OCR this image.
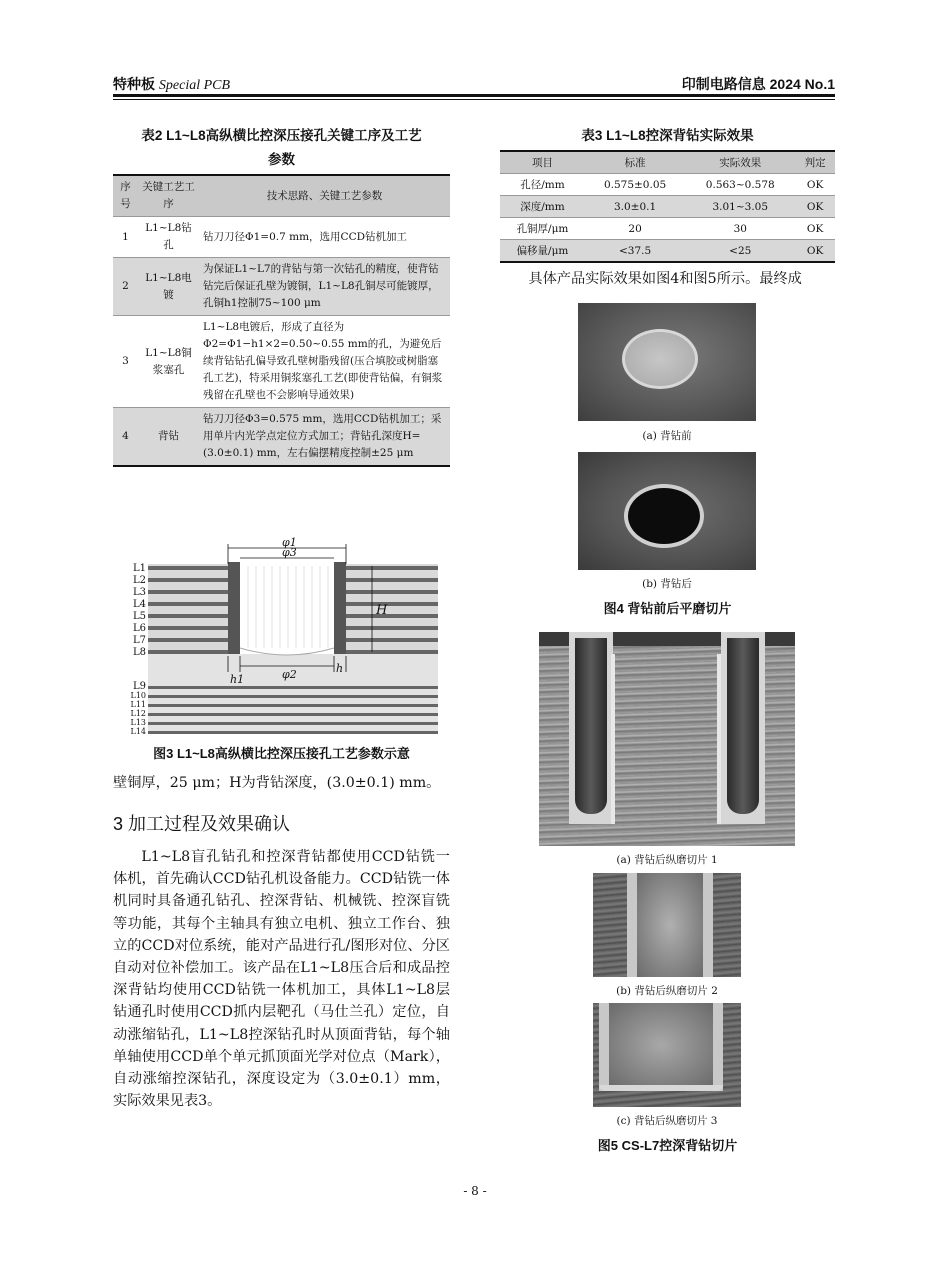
特种板 Special PCB	印制电路信息 2024 No.1
表2 L1~L8高纵横比控深压接孔关键工序及工艺
参数
序号	关键工艺工序	技术思路、关键工艺参数
1	L1~L8钻孔	钻刀刀径Φ1=0.7 mm，选用CCD钻机加工
2	L1~L8电镀	为保证L1~L7的背钻与第一次钻孔的精度，使背钻钻完后保证孔壁为镀铜，L1~L8孔铜尽可能镀厚，孔铜h1控制75~100 μm
3	L1~L8铜浆塞孔	L1~L8电镀后，形成了直径为Φ2=Φ1−h1×2=0.50~0.55 mm的孔，为避免后续背钻钻孔偏导致孔壁树脂残留(压合填胶或树脂塞孔工艺)，特采用铜浆塞孔工艺(即使背钻偏，有铜浆残留在孔壁也不会影响导通效果)
4	背钻	钻刀刀径Φ3=0.575 mm，选用CCD钻机加工；采用单片内光学点定位方式加工；背钻孔深度H=(3.0±0.1) mm，左右偏摆精度控制±25 μm
φ1
φ3
φ2
h1
h
H
L1
L2
L3
L4
L5
L6
L7
L8
L9
L10
L11
L12
L13
L14
图3 L1~L8高纵横比控深压接孔工艺参数示意
壁铜厚，25 μm；H为背钻深度，(3.0±0.1) mm。
3 加工过程及效果确认
L1~L8盲孔钻孔和控深背钻都使用CCD钻铣一体机，首先确认CCD钻孔机设备能力。CCD钻铣一体机同时具备通孔钻孔、控深背钻、机械铣、控深盲铣等功能，其每个主轴具有独立电机、独立工作台、独立的CCD对位系统，能对产品进行孔/图形对位、分区自动对位补偿加工。该产品在L1~L8压合后和成品控深背钻均使用CCD钻铣一体机加工，具体L1~L8层钻通孔时使用CCD抓内层靶孔（马仕兰孔）定位，自动涨缩钻孔，L1~L8控深钻孔时从顶面背钻，每个轴单轴使用CCD单个单元抓顶面光学对位点（Mark），自动涨缩控深钻孔，深度设定为（3.0±0.1）mm，实际效果见表3。
表3 L1~L8控深背钻实际效果
项目	标准	实际效果	判定
孔径/mm	0.575±0.05	0.563~0.578	OK
深度/mm	3.0±0.1	3.01~3.05	OK
孔铜厚/μm	20	30	OK
偏移量/μm	<37.5	<25	OK
具体产品实际效果如图4和图5所示。最终成
(a) 背钻前
(b) 背钻后
图4 背钻前后平磨切片
(a) 背钻后纵磨切片 1
(b) 背钻后纵磨切片 2
(c) 背钻后纵磨切片 3
图5 CS-L7控深背钻切片
- 8 -
